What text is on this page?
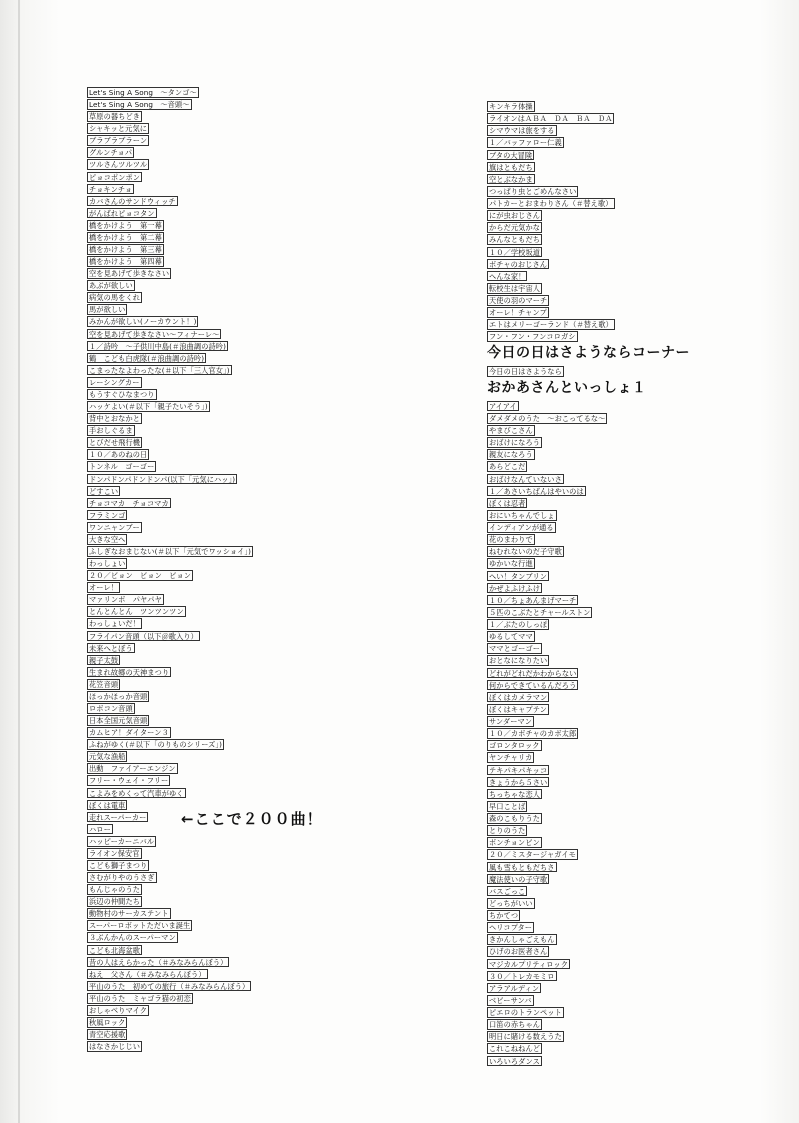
Let's Sing A Song　～タンゴ～
Let's Sing A Song　～音頭～
草原の器ちどき
シャキッと元気に
ブラブラブラーン
グルンチョパ
ツルさんツルツル
ピョコポンポン
チョキンチョ
カバさんのサンドウィッチ
がんばれピョコタン
橋をかけよう　第一幕
橋をかけよう　第二幕
橋をかけよう　第三幕
橋をかけよう　第四幕
空を見あげて歩きなさい
あぶが欲しい
病気の馬をくれ
馬が欲しい
みかんが欲しい(ノーカウント！)
空を見あげて歩きなさい～フィナーレ～
１／詩吟　～子供川中島(＃浪曲調の詩吟)
鶴　こども白虎隊(＃浪曲調の詩吟)
こまったなよわったな(＃以下「三人官女」)
レーシングカー
もうすぐひなまつり
ハッケよい(＃以下「親子たいそう」)
背中とおなかと
手おしぐるま
とびだせ飛行機
１０／あのねの日
トンネル　ゴーゴー
ドンパドンパドンドンパ(以下「元気にハッ」)
どすこい
チョコマカ　チョコマカ
フラミンゴ
ワンニャンブー
大きな空へ
ふしぎなおまじない(＃以下「元気でワッショイ」)
わっしょい
２０／ビョン　ビョン　ビョン
オーレ！
マァリンボ　パヤパヤ
とんとんとん　ツンツンツン
わっしょいだ！
フライパン音頭（以下＠歌入り）
未来へとぼう
親子太鼓
生まれ故郷の天神まつり
花笠音頭
ほっかほっか音頭
ロボコン音頭
日本全国元気音頭
カムヒア！ダイターン３
ふねがゆく(＃以下「のりものシリーズ」)
元気な漁船
出動　ファイアーエンジン
フリー・ウェイ・フリー
こよみをめくって汽車がゆく
ぼくは電車
走れスーパーカー
ハロー
ハッピーカーニバル
ライオン保安官
こども獅子まつり
さむがりやのうさぎ
もんじゃのうた
浜辺の仲間たち
動物村のサーカステント
スーパーロボットただいま誕生
３ぶんかんのスーパーマン
こども北海盆歌
昔の人はえらかった（＃みなみらんぼう）
ねえ　父さん（＃みなみらんぼう）
平山のうた　初めての旅行（＃みなみらんぼう）
平山のうた　ミャゴラ猫の初恋
おしゃべりマイク
秋風ロック
青空応援歌
はなさかじじい
←ここで２００曲！
キンキラ体操
ライオンはＡＢＡ　ＤＡ　ＢＡ　ＤＡ
シマウマは旅をする
１／バッファロー仁義
ブタの大冒険
旗はともだち
空とぶなかま
つっぱり虫とごめんなさい
パトカーとおまわりさん（＃替え歌）
にが虫おじさん
からだ元気かな
みんなともだち
１０／学校坂道
ボチャのおじさん
へんな家！
転校生は宇宙人
天使の羽のマーチ
オーレ！チャンプ
エトはメリーゴーランド（＃替え歌）
フン・フン・フンコロガシ
今日の日はさようならコーナー
今日の日はさようなら
おかあさんといっしょ１
アイアイ
ダメダメのうた　～おこってるな～
やまびこさん
おばけになろう
親友になろう
あらどこだ
おばけなんていないさ
１／あさいちばんはやいのは
ぼくは忍者
おにいちゃんでしょ
インディアンが通る
花のまわりで
ねむれないのだ子守歌
ゆかいな行進
へい！タンブリン
かぜよふけふけ
１０／ちょあんまげマーチ
５匹のこぶたとチャールストン
１／ぶたのしっぽ
ゆるしてママ
ママとゴーゴー
おとなになりたい
どれがどれだかわからない
何からできているんだろう
ぼくはカメラマン
ぼくはキャプテン
サンダーマン
１０／カボチャのカボ太郎
ゴロンタロック
ヤンチャリカ
テキパキパキッコ
きょうから５さい
ちっちゃな恋人
早口ことば
森のこもりうた
とりのうた
ボンチョンビン
２０／ミスタージャガイモ
風も雪もともだちさ
魔法使いの子守歌
バスごっこ
どっちがいい
ちかてつ
ヘリコプター
きかんしゃごえもん
ひげのお医者さん
マジカルプリティロック
３０／トレカモミロ
アラアルディン
ベビーサンバ
ピエロのトランペット
口笛の赤ちゃん
明日に賭ける数えうた
これこねねんど
いろいろダンス
